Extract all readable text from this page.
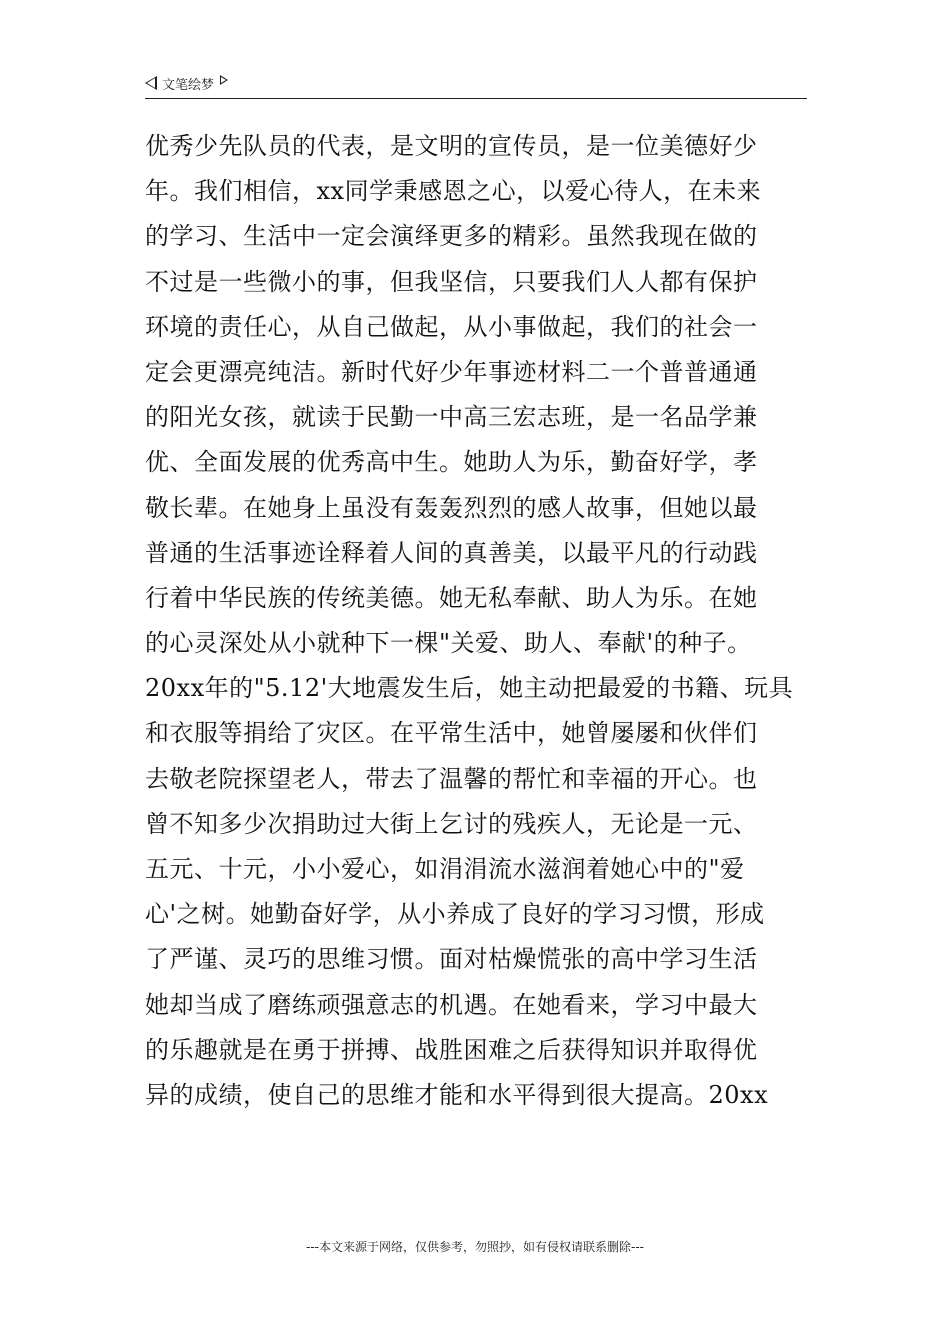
文笔绘梦
优秀少先队员的代表，是文明的宣传员，是一位美德好少
年。我们相信，xx同学秉感恩之心，以爱心待人，在未来
的学习、生活中一定会演绎更多的精彩。虽然我现在做的
不过是一些微小的事，但我坚信，只要我们人人都有保护
环境的责任心，从自己做起，从小事做起，我们的社会一
定会更漂亮纯洁。新时代好少年事迹材料二一个普普通通
的阳光女孩，就读于民勤一中高三宏志班，是一名品学兼
优、全面发展的优秀高中生。她助人为乐，勤奋好学，孝
敬长辈。在她身上虽没有轰轰烈烈的感人故事，但她以最
普通的生活事迹诠释着人间的真善美，以最平凡的行动践
行着中华民族的传统美德。她无私奉献、助人为乐。在她
的心灵深处从小就种下一棵"关爱、助人、奉献'的种子。
20xx年的"5.12'大地震发生后，她主动把最爱的书籍、玩具
和衣服等捐给了灾区。在平常生活中，她曾屡屡和伙伴们
去敬老院探望老人，带去了温馨的帮忙和幸福的开心。也
曾不知多少次捐助过大街上乞讨的残疾人，无论是一元、
五元、十元，小小爱心，如涓涓流水滋润着她心中的"爱
心'之树。她勤奋好学，从小养成了良好的学习习惯，形成
了严谨、灵巧的思维习惯。面对枯燥慌张的高中学习生活
她却当成了磨练顽强意志的机遇。在她看来，学习中最大
的乐趣就是在勇于拼搏、战胜困难之后获得知识并取得优
异的成绩，使自己的思维才能和水平得到很大提高。20xx
---本文来源于网络，仅供参考，勿照抄，如有侵权请联系删除---
